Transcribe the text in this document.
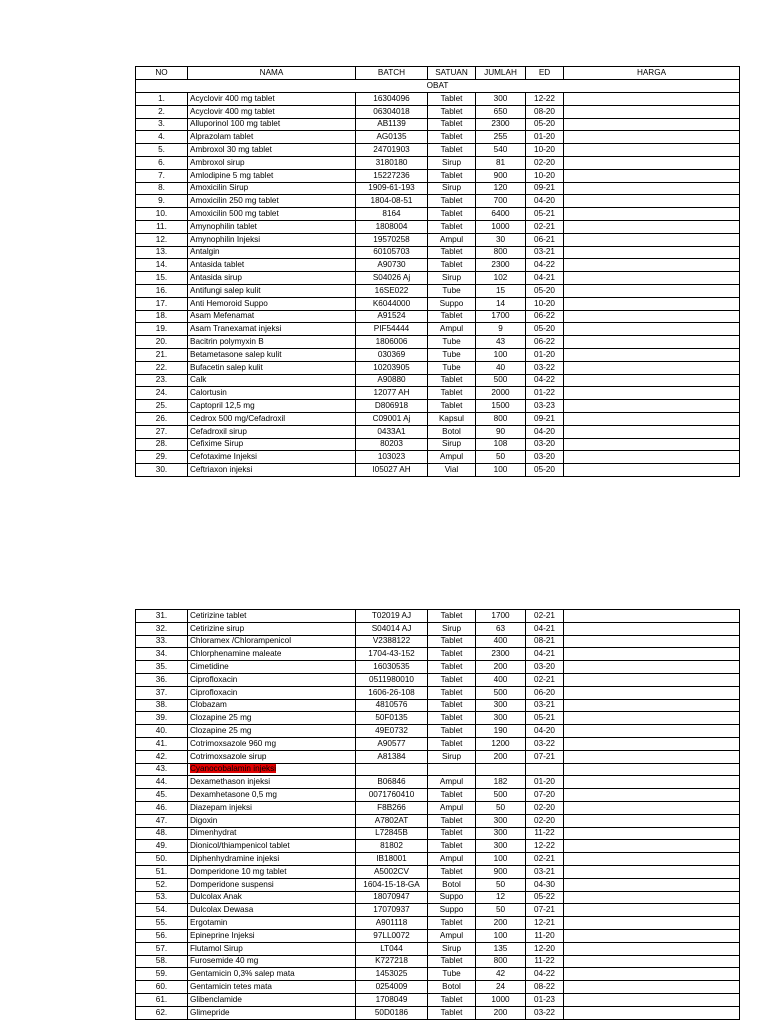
NO	NAMA	BATCH	SATUAN	JUMLAH	ED	HARGA
OBAT						
1.	Acyclovir 400 mg tablet	16304096	Tablet	300	12-22	
2.	Acyclovir 400 mg tablet	06304018	Tablet	650	08-20	
3.	Alluporinol 100 mg tablet	AB1139	Tablet	2300	05-20	
4.	Alprazolam tablet	AG0135	Tablet	255	01-20	
5.	Ambroxol 30 mg tablet	24701903	Tablet	540	10-20	
6.	Ambroxol sirup	3180180	Sirup	81	02-20	
7.	Amlodipine 5 mg tablet	15227236	Tablet	900	10-20	
8.	Amoxicilin Sirup	1909-61-193	Sirup	120	09-21	
9.	Amoxicilin 250 mg tablet	1804-08-51	Tablet	700	04-20	
10.	Amoxicilin 500 mg tablet	8164	Tablet	6400	05-21	
11.	Amynophilin tablet	1808004	Tablet	1000	02-21	
12.	Amynophilin Injeksi	19570258	Ampul	30	06-21	
13.	Antalgin	60105703	Tablet	800	03-21	
14.	Antasida tablet	A90730	Tablet	2300	04-22	
15.	Antasida sirup	S04026 Aj	Sirup	102	04-21	
16.	Antifungi salep kulit	16SE022	Tube	15	05-20	
17.	Anti Hemoroid Suppo	K6044000	Suppo	14	10-20	
18.	Asam Mefenamat	A91524	Tablet	1700	06-22	
19.	Asam Tranexamat injeksi	PIF54444	Ampul	9	05-20	
20.	Bacitrin polymyxin B	1806006	Tube	43	06-22	
21.	Betametasone salep kulit	030369	Tube	100	01-20	
22.	Bufacetin salep kulit	10203905	Tube	40	03-22	
23.	Calk	A90880	Tablet	500	04-22	
24.	Calortusin	12077 AH	Tablet	2000	01-22	
25.	Captopril 12,5 mg	D806918	Tablet	1500	03-23	
26.	Cedrox 500 mg/Cefadroxil	C09001 Aj	Kapsul	800	09-21	
27.	Cefadroxil sirup	0433A1	Botol	90	04-20	
28.	Cefixime Sirup	80203	Sirup	108	03-20	
29.	Cefotaxime Injeksi	103023	Ampul	50	03-20	
30.	Ceftriaxon injeksi	I05027 AH	Vial	100	05-20	
31.	Cetirizine tablet	T02019 AJ	Tablet	1700	02-21	
32.	Cetirizine sirup	S04014 AJ	Sirup	63	04-21	
33.	Chloramex /Chlorampenicol	V2388122	Tablet	400	08-21	
34.	Chlorphenamine maleate	1704-43-152	Tablet	2300	04-21	
35.	Cimetidine	16030535	Tablet	200	03-20	
36.	Ciprofloxacin	0511980010	Tablet	400	02-21	
37.	Ciprofloxacin	1606-26-108	Tablet	500	06-20	
38.	Clobazam	4810576	Tablet	300	03-21	
39.	Clozapine 25 mg	50F0135	Tablet	300	05-21	
40.	Clozapine 25 mg	49E0732	Tablet	190	04-20	
41.	Cotrimoxsazole 960 mg	A90577	Tablet	1200	03-22	
42.	Cotrimoxsazole sirup	A81384	Sirup	200	07-21	
43.	Cyanocobalamin injeksi					
44.	Dexamethason injeksi	B06846	Ampul	182	01-20	
45.	Dexamhetasone 0,5 mg	0071760410	Tablet	500	07-20	
46.	Diazepam injeksi	F8B266	Ampul	50	02-20	
47.	Digoxin	A7802AT	Tablet	300	02-20	
48.	Dimenhydrat	L72845B	Tablet	300	11-22	
49.	Dionicol/thiampenicol tablet	81802	Tablet	300	12-22	
50.	Diphenhydramine injeksi	IB18001	Ampul	100	02-21	
51.	Domperidone 10 mg tablet	A5002CV	Tablet	900	03-21	
52.	Domperidone suspensi	1604-15-18-GA	Botol	50	04-30	
53.	Dulcolax Anak	18070947	Suppo	12	05-22	
54.	Dulcolax Dewasa	17070937	Suppo	50	07-21	
55.	Ergotamin	A901118	Tablet	200	12-21	
56.	Epineprine Injeksi	97LL0072	Ampul	100	11-20	
57.	Flutamol Sirup	LT044	Sirup	135	12-20	
58.	Furosemide 40 mg	K727218	Tablet	800	11-22	
59.	Gentamicin 0,3% salep mata	1453025	Tube	42	04-22	
60.	Gentamicin tetes mata	0254009	Botol	24	08-22	
61.	Glibenclamide	1708049	Tablet	1000	01-23	
62.	Glimepride	50D0186	Tablet	200	03-22	
